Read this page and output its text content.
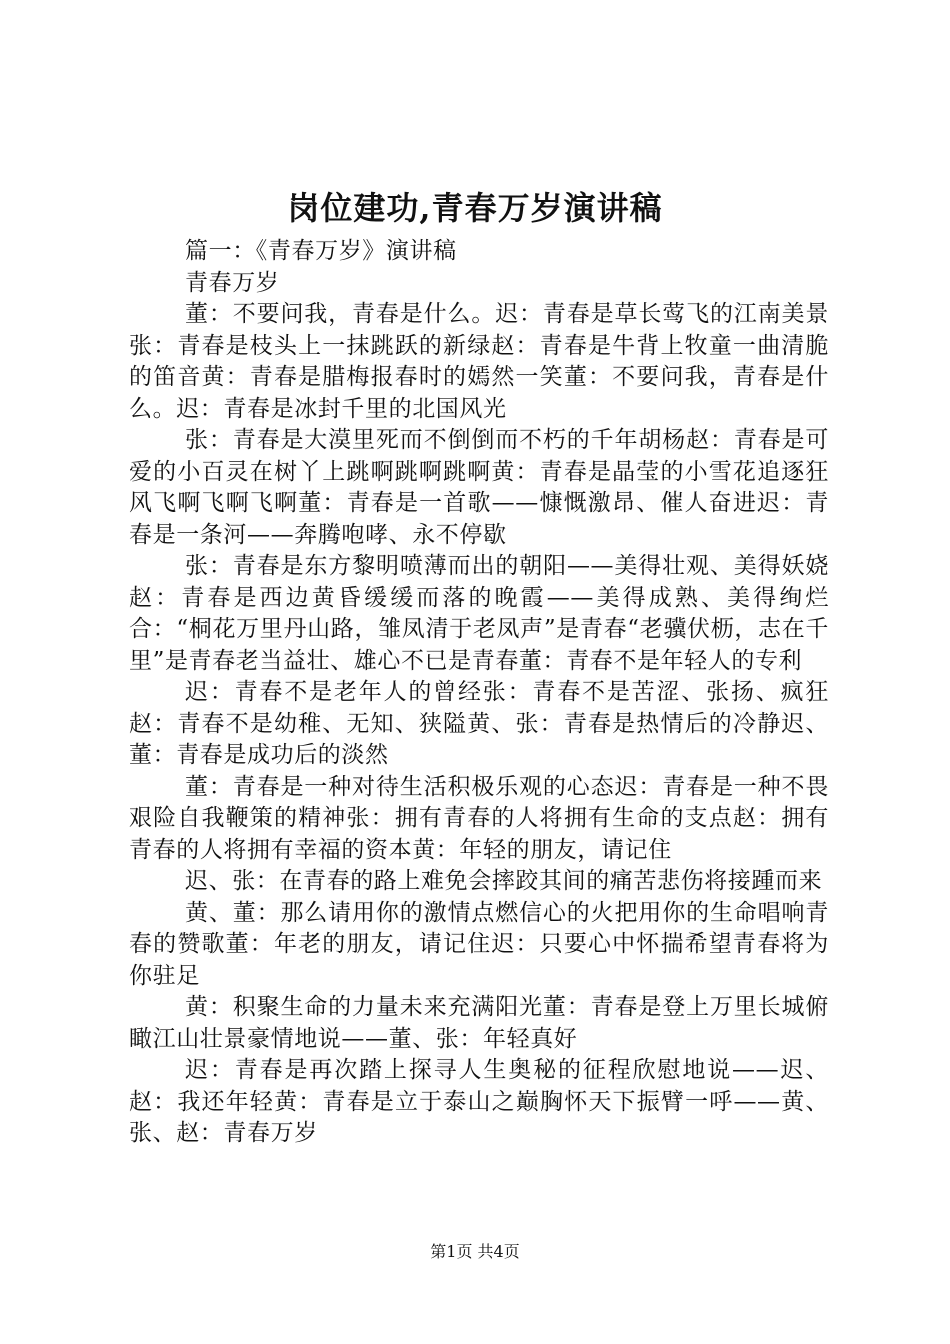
岗位建功,青春万岁演讲稿

篇一：《青春万岁》演讲稿

青春万岁

董：不要问我，青春是什么。迟：青春是草长莺飞的江南美景张：青春是枝头上一抹跳跃的新绿赵：青春是牛背上牧童一曲清脆的笛音黄：青春是腊梅报春时的嫣然一笑董：不要问我，青春是什么。迟：青春是冰封千里的北国风光

张：青春是大漠里死而不倒倒而不朽的千年胡杨赵：青春是可爱的小百灵在树丫上跳啊跳啊跳啊黄：青春是晶莹的小雪花追逐狂风飞啊飞啊飞啊董：青春是一首歌——慷慨激昂、催人奋进迟：青春是一条河——奔腾咆哮、永不停歇

张：青春是东方黎明喷薄而出的朝阳——美得壮观、美得妖娆赵：青春是西边黄昏缓缓而落的晚霞——美得成熟、美得绚烂合：“桐花万里丹山路，雏凤清于老凤声”是青春“老骥伏枥，志在千里”是青春老当益壮、雄心不已是青春董：青春不是年轻人的专利

迟：青春不是老年人的曾经张：青春不是苦涩、张扬、疯狂赵：青春不是幼稚、无知、狭隘黄、张：青春是热情后的冷静迟、董：青春是成功后的淡然

董：青春是一种对待生活积极乐观的心态迟：青春是一种不畏艰险自我鞭策的精神张：拥有青春的人将拥有生命的支点赵：拥有青春的人将拥有幸福的资本黄：年轻的朋友，请记住

迟、张：在青春的路上难免会摔跤其间的痛苦悲伤将接踵而来

黄、董：那么请用你的激情点燃信心的火把用你的生命唱响青春的赞歌董：年老的朋友，请记住迟：只要心中怀揣希望青春将为你驻足

黄：积聚生命的力量未来充满阳光董：青春是登上万里长城俯瞰江山壮景豪情地说——董、张：年轻真好

迟：青春是再次踏上探寻人生奥秘的征程欣慰地说——迟、赵：我还年轻黄：青春是立于泰山之巅胸怀天下振臂一呼——黄、张、赵：青春万岁

第1页 共4页
